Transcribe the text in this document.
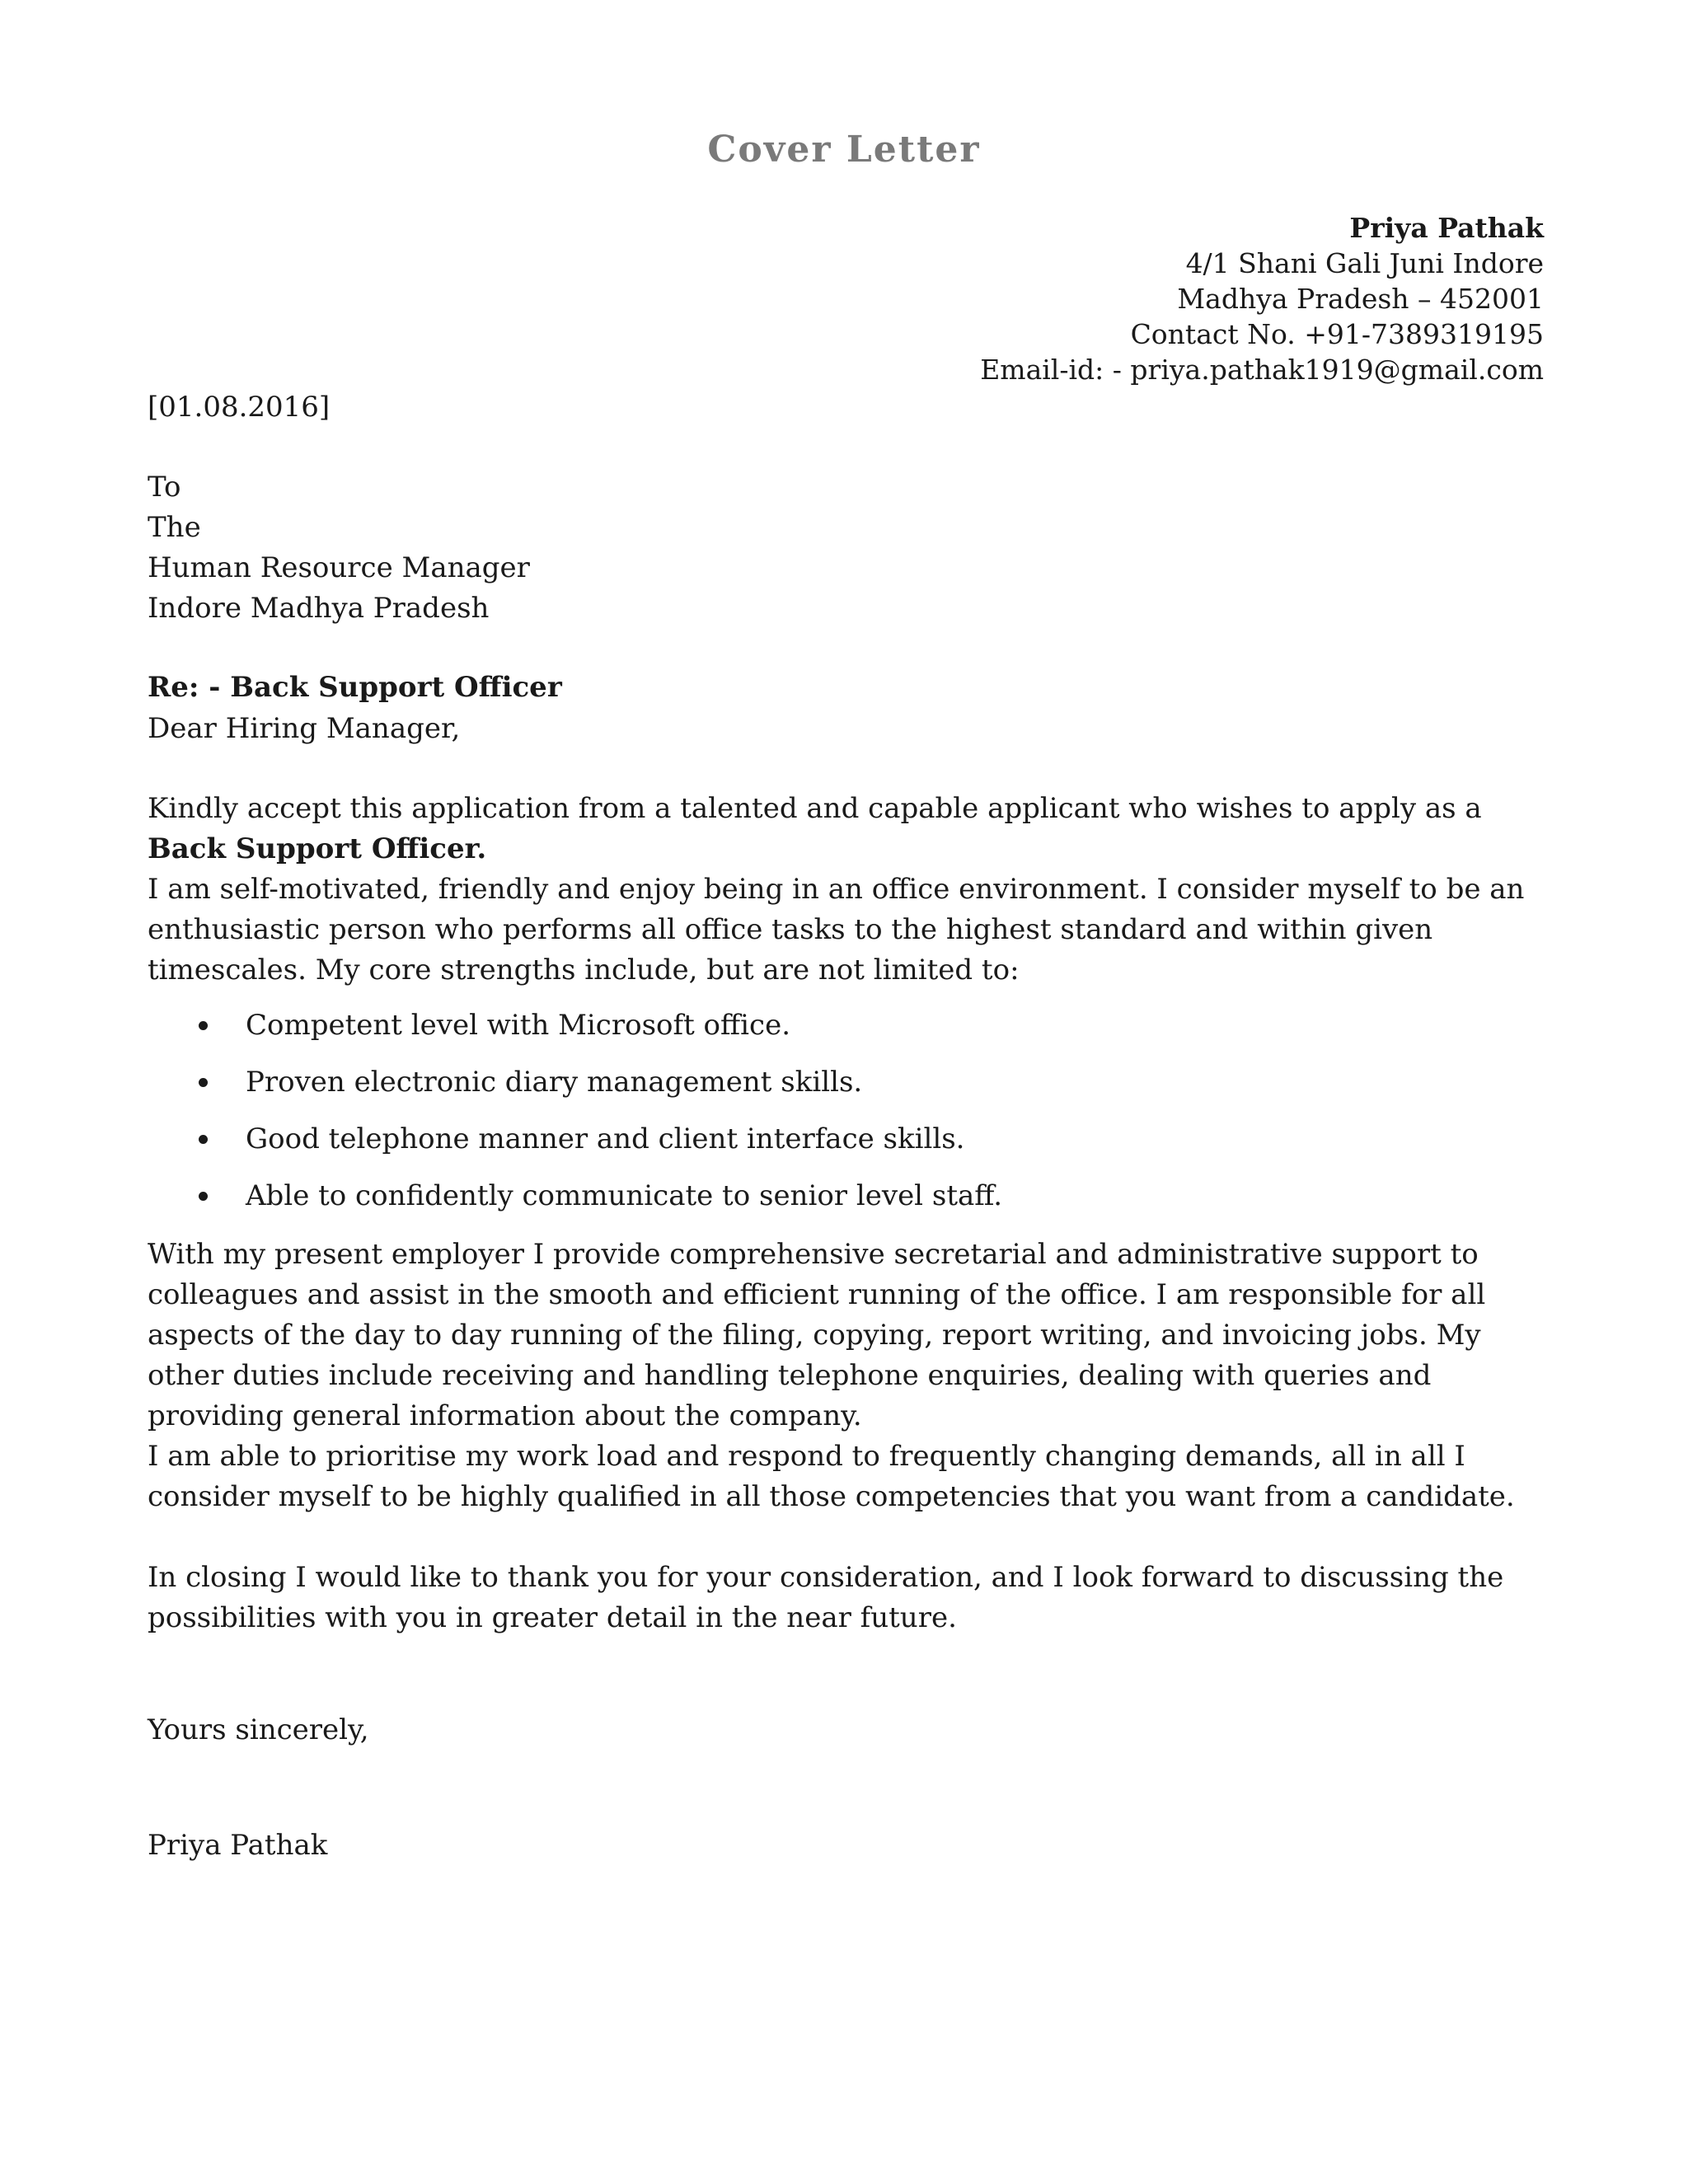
Cover Letter
Priya Pathak
4/1 Shani Gali Juni Indore
Madhya Pradesh – 452001
Contact No. +91-7389319195
Email-id: - priya.pathak1919@gmail.com
[01.08.2016]
To
The
Human Resource Manager
Indore Madhya Pradesh
Re: - Back Support Officer
Dear Hiring Manager,
Kindly accept this application from a talented and capable applicant who wishes to apply as a Back Support Officer.
I am self-motivated, friendly and enjoy being in an office environment. I consider myself to be an enthusiastic person who performs all office tasks to the highest standard and within given timescales. My core strengths include, but are not limited to:
Competent level with Microsoft office.
Proven electronic diary management skills.
Good telephone manner and client interface skills.
Able to confidently communicate to senior level staff.
With my present employer I provide comprehensive secretarial and administrative support to colleagues and assist in the smooth and efficient running of the office. I am responsible for all aspects of the day to day running of the filing, copying, report writing, and invoicing jobs. My other duties include receiving and handling telephone enquiries, dealing with queries and providing general information about the company.
I am able to prioritise my work load and respond to frequently changing demands, all in all I consider myself to be highly qualified in all those competencies that you want from a candidate.
In closing I would like to thank you for your consideration, and I look forward to discussing the possibilities with you in greater detail in the near future.
Yours sincerely,
Priya Pathak
